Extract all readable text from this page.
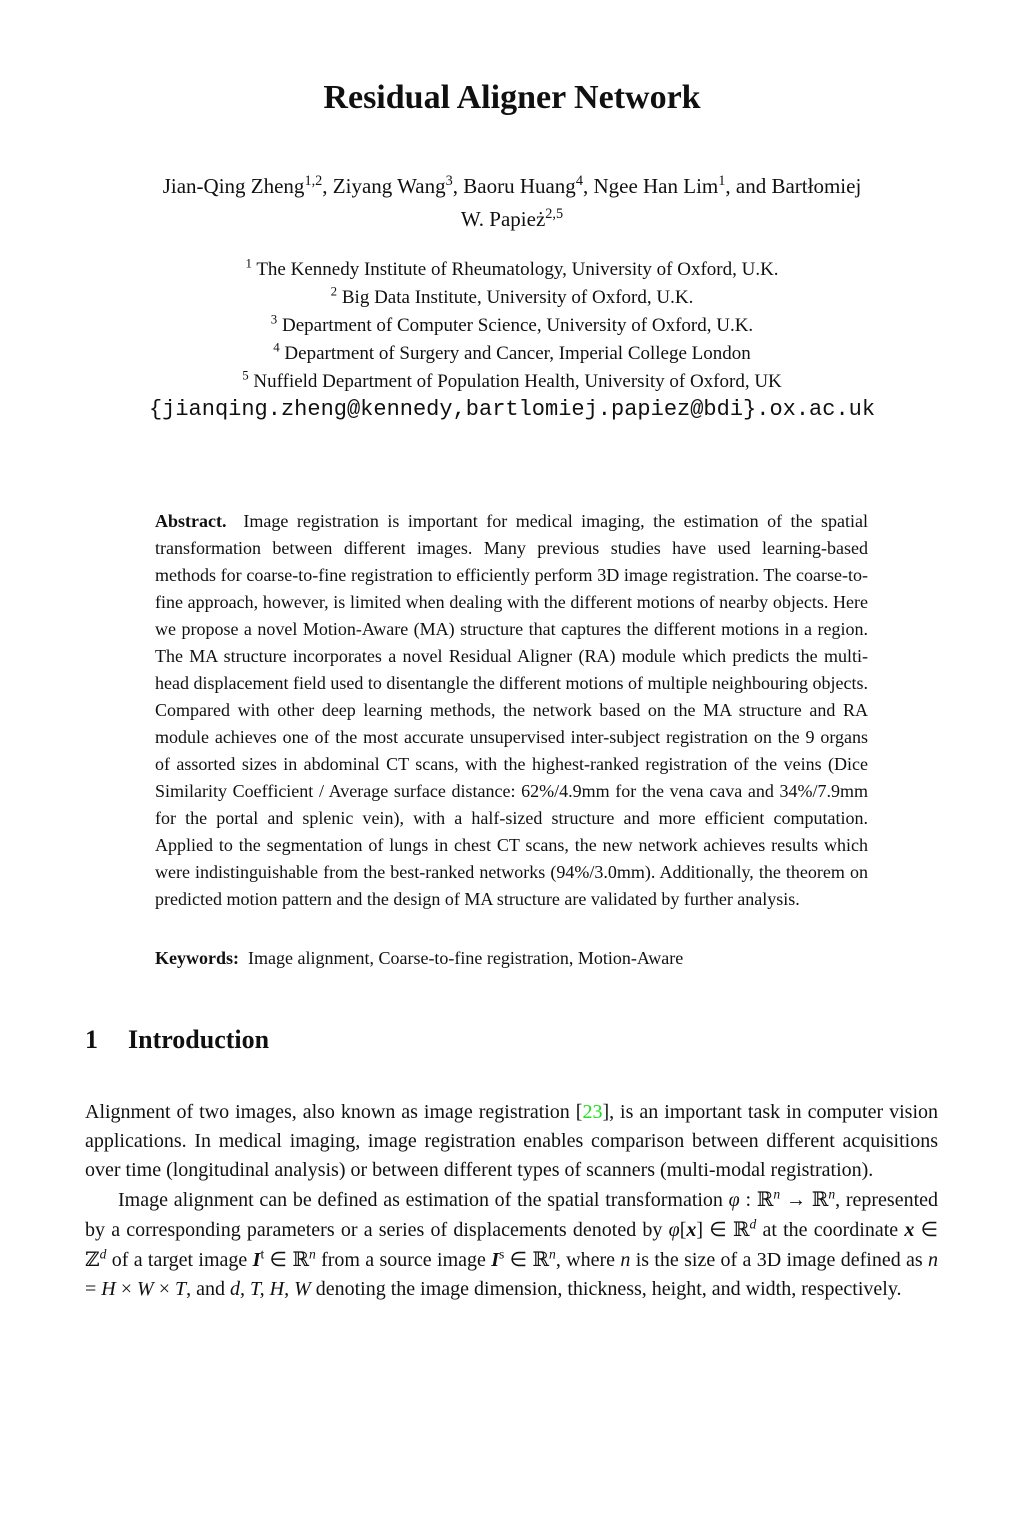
Residual Aligner Network
Jian-Qing Zheng$^{1,2}$, Ziyang Wang$^3$, Baoru Huang$^4$, Ngee Han Lim$^1$, and Bartłomiej
W. Papież$^{2,5}$
$^1$ The Kennedy Institute of Rheumatology, University of Oxford, U.K.
$^2$ Big Data Institute, University of Oxford, U.K.
$^3$ Department of Computer Science, University of Oxford, U.K.
$^4$ Department of Surgery and Cancer, Imperial College London
$^5$ Nuffield Department of Population Health, University of Oxford, UK
{jianqing.zheng@kennedy,bartlomiej.papiez@bdi}.ox.ac.uk
Abstract.  Image registration is important for medical imaging, the estimation of the spatial transformation between different images. Many previous studies have used learning-based methods for coarse-to-fine registration to efficiently perform 3D image registration. The coarse-to-fine approach, however, is limited when dealing with the different motions of nearby objects. Here we propose a novel Motion-Aware (MA) structure that captures the different motions in a region. The MA structure incorporates a novel Residual Aligner (RA) module which predicts the multi-head displacement field used to disentangle the different motions of multiple neighbouring objects. Compared with other deep learning methods, the network based on the MA structure and RA module achieves one of the most accurate unsupervised inter-subject registration on the 9 organs of assorted sizes in abdominal CT scans, with the highest-ranked registration of the veins (Dice Similarity Coefficient / Average surface distance: 62%/4.9mm for the vena cava and 34%/7.9mm for the portal and splenic vein), with a half-sized structure and more efficient computation. Applied to the segmentation of lungs in chest CT scans, the new network achieves results which were indistinguishable from the best-ranked networks (94%/3.0mm). Additionally, the theorem on predicted motion pattern and the design of MA structure are validated by further analysis.
Keywords:  Image alignment, Coarse-to-fine registration, Motion-Aware
1 Introduction

Alignment of two images, also known as image registration [23], is an important task in computer vision applications. In medical imaging, image registration enables comparison between different acquisitions over time (longitudinal analysis) or between different types of scanners (multi-modal registration).

Image alignment can be defined as estimation of the spatial transformation φ : ℝ$^n$ → ℝ$^n$, represented by a corresponding parameters or a series of displacements denoted by φ[x] ∈ ℝ$^d$ at the coordinate x ∈ ℤ$^d$ of a target image $I^t$ ∈ ℝ$^n$ from a source image $I^s$ ∈ ℝ$^n$, where n is the size of a 3D image defined as n = H × W × T, and d, T, H, W denoting the image dimension, thickness, height, and width, respectively.
